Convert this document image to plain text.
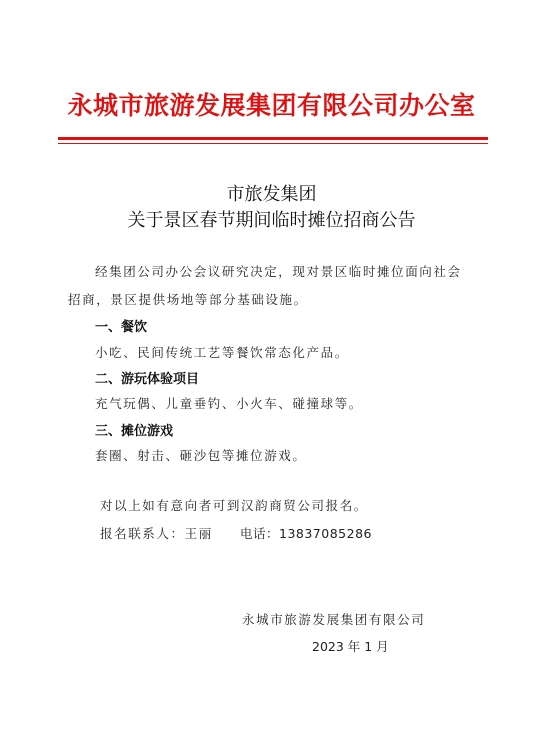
永城市旅游发展集团有限公司办公室
市旅发集团
关于景区春节期间临时摊位招商公告
经集团公司办公会议研究决定，现对景区临时摊位面向社会
招商，景区提供场地等部分基础设施。
一、餐饮
小吃、民间传统工艺等餐饮常态化产品。
二、游玩体验项目
充气玩偶、儿童垂钓、小火车、碰撞球等。
三、摊位游戏
套圈、射击、砸沙包等摊位游戏。
对以上如有意向者可到汉韵商贸公司报名。
报名联系人：王丽 电话：13837085286
永城市旅游发展集团有限公司
2023 年 1 月
